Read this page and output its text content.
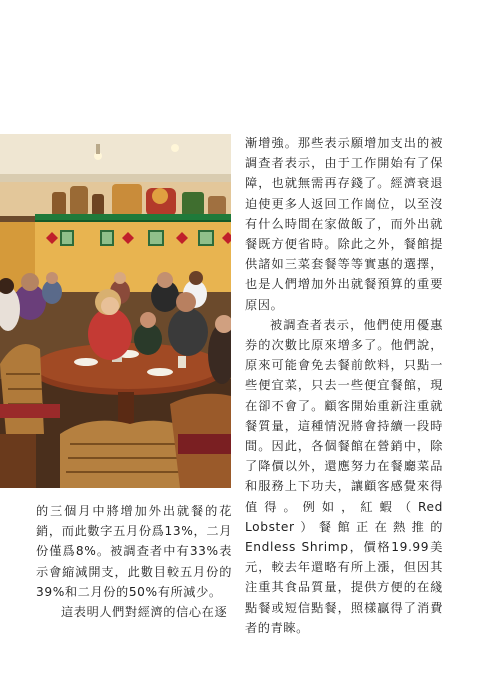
漸增強。那些表示願增加支出的被調查者表示，由于工作開始有了保障，也就無需再存錢了。經濟衰退迫使更多人返回工作崗位，以至沒有什么時間在家做飯了，而外出就餐既方便省時。除此之外，餐館提供諸如三菜套餐等等實惠的選擇，也是人們增加外出就餐預算的重要原因。

被調查者表示，他們使用優惠券的次數比原來增多了。他們說，原來可能會免去餐前飲料，只點一些便宜菜，只去一些便宜餐館，現在卻不會了。顧客開始重新注重就餐質量，這種情況將會持續一段時間。因此，各個餐館在營銷中，除了降價以外，還應努力在餐廳菜品和服務上下功夫，讓顧客感覺來得值得。例如，紅蝦（Red Lobster）餐館正在熱推的Endless Shrimp，價格19.99美元，較去年還略有所上漲，但因其注重其食品質量，提供方便的在綫點餐或短信點餐，照樣贏得了消費者的青睞。

的三個月中將增加外出就餐的花銷，而此數字五月份爲13%，二月份僅爲8%。被調查者中有33%表示會縮減開支，此數目較五月份的39%和二月份的50%有所減少。

這表明人們對經濟的信心在逐
